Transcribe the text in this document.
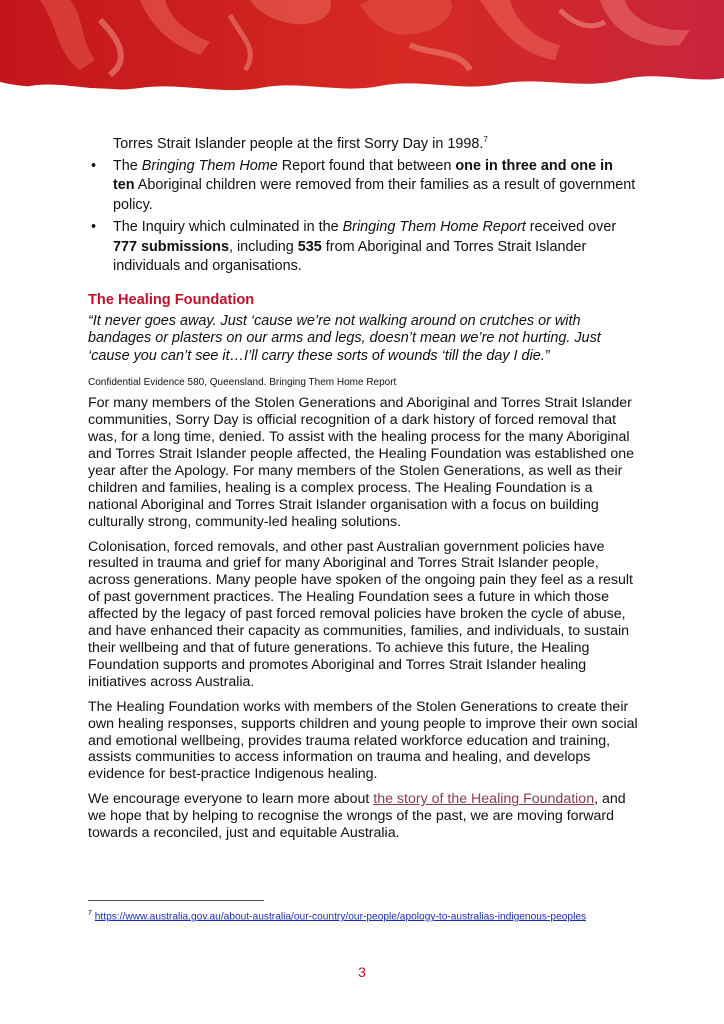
Torres Strait Islander people at the first Sorry Day in 1998.$^7$

• The Bringing Them Home Report found that between one in three and one in ten Aboriginal children were removed from their families as a result of government policy.
• The Inquiry which culminated in the Bringing Them Home Report received over 777 submissions, including 535 from Aboriginal and Torres Strait Islander individuals and organisations.
The Healing Foundation

“It never goes away. Just ‘cause we’re not walking around on crutches or with bandages or plasters on our arms and legs, doesn’t mean we’re not hurting. Just ‘cause you can’t see it…I’ll carry these sorts of wounds ‘till the day I die.”

Confidential Evidence 580, Queensland. Bringing Them Home Report

For many members of the Stolen Generations and Aboriginal and Torres Strait Islander communities, Sorry Day is official recognition of a dark history of forced removal that was, for a long time, denied. To assist with the healing process for the many Aboriginal and Torres Strait Islander people affected, the Healing Foundation was established one year after the Apology. For many members of the Stolen Generations, as well as their children and families, healing is a complex process. The Healing Foundation is a national Aboriginal and Torres Strait Islander organisation with a focus on building culturally strong, community-led healing solutions.

Colonisation, forced removals, and other past Australian government policies have resulted in trauma and grief for many Aboriginal and Torres Strait Islander people, across generations. Many people have spoken of the ongoing pain they feel as a result of past government practices. The Healing Foundation sees a future in which those affected by the legacy of past forced removal policies have broken the cycle of abuse, and have enhanced their capacity as communities, families, and individuals, to sustain their wellbeing and that of future generations. To achieve this future, the Healing Foundation supports and promotes Aboriginal and Torres Strait Islander healing initiatives across Australia.

The Healing Foundation works with members of the Stolen Generations to create their own healing responses, supports children and young people to improve their own social and emotional wellbeing, provides trauma related workforce education and training, assists communities to access information on trauma and healing, and develops evidence for best-practice Indigenous healing.

We encourage everyone to learn more about the story of the Healing Foundation, and we hope that by helping to recognise the wrongs of the past, we are moving forward towards a reconciled, just and equitable Australia.

$^7$ https://www.australia.gov.au/about-australia/our-country/our-people/apology-to-australias-indigenous-peoples
3
